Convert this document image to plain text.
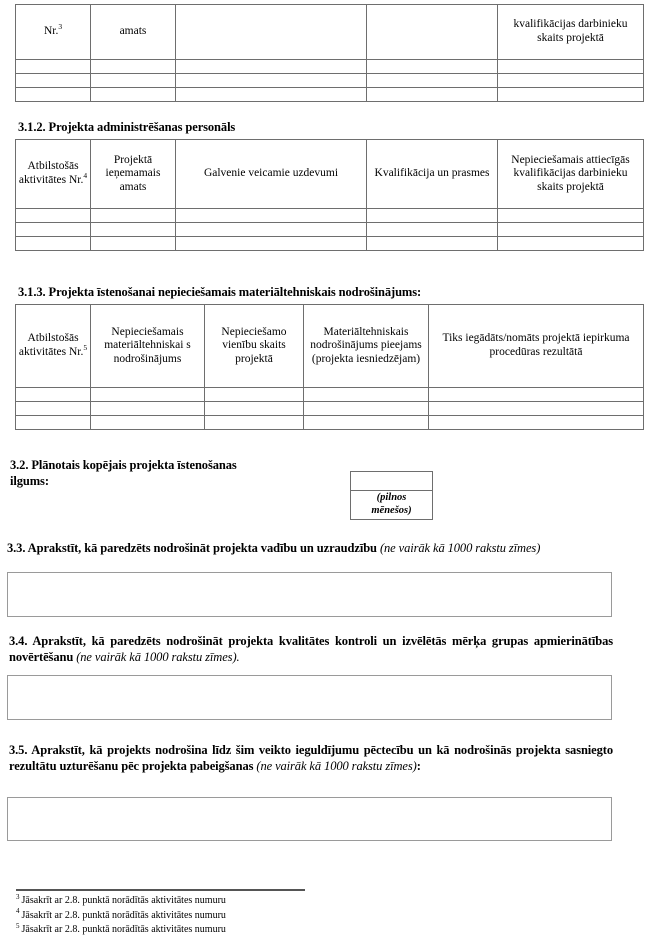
Nr.$^3$	amats			kvalifikācijas darbinieku skaits projektā

3.1.2. Projekta administrēšanas personāls
Atbilstošās aktivitātes Nr.$^4$	Projektā ieņemamais amats	Galvenie veicamie uzdevumi	Kvalifikācija un prasmes	Nepieciešamais attiecīgās kvalifikācijas darbinieku skaits projektā

3.1.3. Projekta īstenošanai nepieciešamais materiāltehniskais nodrošinājums:
Atbilstošās aktivitātes Nr.$^5$	Nepieciešamais materiāltehniskai s nodrošinājums	Nepieciešamo vienību skaits projektā	Materiāltehniskais nodrošinājums pieejams (projekta iesniedzējam)	Tiks iegādāts/nomāts projektā iepirkuma procedūras rezultātā

3.2. Plānotais kopējais projekta īstenošanas
ilgums:

(pilnos
mēnešos)
3.3. Aprakstīt, kā paredzēts nodrošināt projekta vadību un uzraudzību (ne vairāk kā 1000 rakstu zīmes)
3.4. Aprakstīt, kā paredzēts nodrošināt projekta kvalitātes kontroli un izvēlētās mērķa grupas apmierinātības novērtēšanu (ne vairāk kā 1000 rakstu zīmes).
3.5. Aprakstīt, kā projekts nodrošina līdz šim veikto ieguldījumu pēctecību un kā nodrošinās projekta sasniegto rezultātu uzturēšanu pēc projekta pabeigšanas (ne vairāk kā 1000 rakstu zīmes):
$^3$ Jāsakrīt ar 2.8. punktā norādītās aktivitātes numuru
$^4$ Jāsakrīt ar 2.8. punktā norādītās aktivitātes numuru
$^5$ Jāsakrīt ar 2.8. punktā norādītās aktivitātes numuru
